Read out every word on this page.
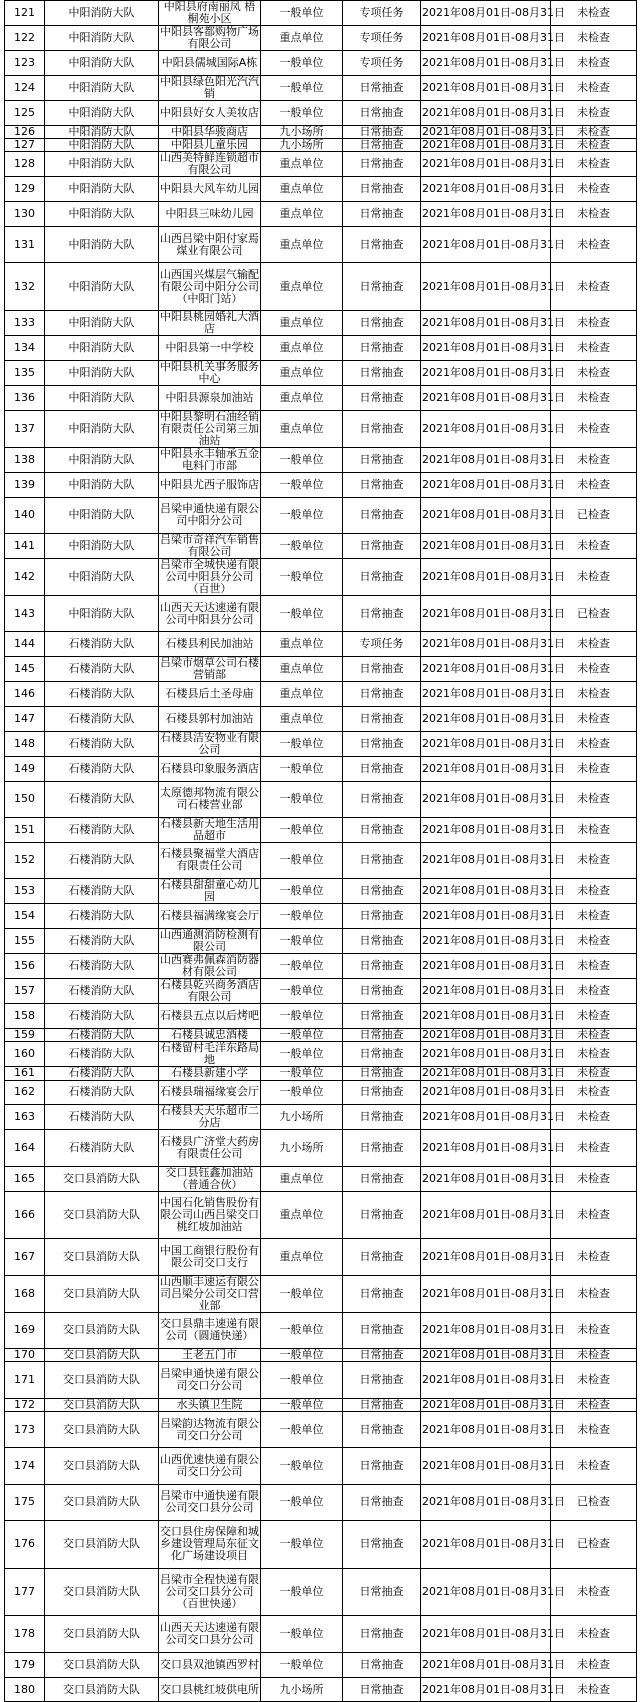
121	中阳消防大队	中阳县府南丽凤 梧桐苑小区	一般单位	专项任务	2021年08月01日-08月31日	未检查
122	中阳消防大队	中阳县客都购物广场有限公司	重点单位	专项任务	2021年08月01日-08月31日	未检查
123	中阳消防大队	中阳县儒城国际A栋	一般单位	专项任务	2021年08月01日-08月31日	未检查
124	中阳消防大队	中阳县绿色阳光汽汽销	一般单位	日常抽查	2021年08月01日-08月31日	未检查
125	中阳消防大队	中阳县好女人美妆店	一般单位	日常抽查	2021年08月01日-08月31日	未检查
126	中阳消防大队	中阳县华骏商店	九小场所	日常抽查	2021年08月01日-08月31日	未检查
127	中阳消防大队	中阳县儿童乐园	九小场所	日常抽查	2021年08月01日-08月31日	未检查
128	中阳消防大队	山西美特鲜连锁超市有限公司	重点单位	日常抽查	2021年08月01日-08月31日	未检查
129	中阳消防大队	中阳县大风车幼儿园	重点单位	日常抽查	2021年08月01日-08月31日	未检查
130	中阳消防大队	中阳县三味幼儿园	重点单位	日常抽查	2021年08月01日-08月31日	未检查
131	中阳消防大队	山西吕梁中阳付家焉煤业有限公司	重点单位	日常抽查	2021年08月01日-08月31日	未检查
132	中阳消防大队	山西国兴煤层气输配有限公司中阳分公司（中阳门站）	重点单位	日常抽查	2021年08月01日-08月31日	未检查
133	中阳消防大队	中阳县桃园婚礼大酒店	重点单位	日常抽查	2021年08月01日-08月31日	未检查
134	中阳消防大队	中阳县第一中学校	重点单位	日常抽查	2021年08月01日-08月31日	未检查
135	中阳消防大队	中阳县机关事务服务中心	重点单位	日常抽查	2021年08月01日-08月31日	未检查
136	中阳消防大队	中阳县源泉加油站	重点单位	日常抽查	2021年08月01日-08月31日	未检查
137	中阳消防大队	中阳县黎明石油经销有限责任公司第三加油站	重点单位	日常抽查	2021年08月01日-08月31日	未检查
138	中阳消防大队	中阳县永丰轴承五金电料门市部	一般单位	日常抽查	2021年08月01日-08月31日	未检查
139	中阳消防大队	中阳县尤西子服饰店	一般单位	日常抽查	2021年08月01日-08月31日	未检查
140	中阳消防大队	吕梁申通快递有限公司中阳分公司	一般单位	日常抽查	2021年08月01日-08月31日	已检查
141	中阳消防大队	吕梁市奇祥汽车销售有限公司	一般单位	日常抽查	2021年08月01日-08月31日	未检查
142	中阳消防大队	吕梁市全城快递有限公司中阳县分公司（百世）	一般单位	日常抽查	2021年08月01日-08月31日	未检查
143	中阳消防大队	山西天天达速递有限公司中阳县分公司	一般单位	日常抽查	2021年08月01日-08月31日	已检查
144	石楼消防大队	石楼县利民加油站	重点单位	专项任务	2021年08月01日-08月31日	未检查
145	石楼消防大队	吕梁市烟草公司石楼营销部	重点单位	日常抽查	2021年08月01日-08月31日	未检查
146	石楼消防大队	石楼县后土圣母庙	重点单位	日常抽查	2021年08月01日-08月31日	未检查
147	石楼消防大队	石楼县郭村加油站	重点单位	日常抽查	2021年08月01日-08月31日	未检查
148	石楼消防大队	石楼县洁安物业有限公司	一般单位	日常抽查	2021年08月01日-08月31日	未检查
149	石楼消防大队	石楼县印象服务酒店	一般单位	日常抽查	2021年08月01日-08月31日	未检查
150	石楼消防大队	太原德邦物流有限公司石楼营业部	一般单位	日常抽查	2021年08月01日-08月31日	未检查
151	石楼消防大队	石楼县新天地生活用品超市	一般单位	日常抽查	2021年08月01日-08月31日	未检查
152	石楼消防大队	石楼县聚福堂大酒店有限责任公司	一般单位	日常抽查	2021年08月01日-08月31日	未检查
153	石楼消防大队	石楼县甜甜童心幼儿园	一般单位	日常抽查	2021年08月01日-08月31日	未检查
154	石楼消防大队	石楼县福满缘宴会厅	一般单位	日常抽查	2021年08月01日-08月31日	未检查
155	石楼消防大队	山西通测消防检测有限公司	一般单位	日常抽查	2021年08月01日-08月31日	未检查
156	石楼消防大队	山西赛弗佩森消防器材有限公司	一般单位	日常抽查	2021年08月01日-08月31日	未检查
157	石楼消防大队	石楼县乾兴商务酒店有限公司	一般单位	日常抽查	2021年08月01日-08月31日	未检查
158	石楼消防大队	石楼县五点以后烤吧	一般单位	日常抽查	2021年08月01日-08月31日	未检查
159	石楼消防大队	石楼县诚忠酒楼	一般单位	日常抽查	2021年08月01日-08月31日	未检查
160	石楼消防大队	石楼留村毛洋东路局地	一般单位	日常抽查	2021年08月01日-08月31日	未检查
161	石楼消防大队	石楼县新建小学	一般单位	日常抽查	2021年08月01日-08月31日	未检查
162	石楼消防大队	石楼县瑞福缘宴会厅	一般单位	日常抽查	2021年08月01日-08月31日	未检查
163	石楼消防大队	石楼县天天乐超市二分店	九小场所	日常抽查	2021年08月01日-08月31日	未检查
164	石楼消防大队	石楼县广济堂大药房有限责任公司	九小场所	日常抽查	2021年08月01日-08月31日	未检查
165	交口县消防大队	交口县钰鑫加油站（普通合伙）	重点单位	日常抽查	2021年08月01日-08月31日	未检查
166	交口县消防大队	中国石化销售股份有限公司山西吕梁交口桃红坡加油站	重点单位	日常抽查	2021年08月01日-08月31日	未检查
167	交口县消防大队	中国工商银行股份有限公司交口支行	重点单位	日常抽查	2021年08月01日-08月31日	未检查
168	交口县消防大队	山西顺丰速运有限公司吕梁分公司交口营业部	一般单位	日常抽查	2021年08月01日-08月31日	未检查
169	交口县消防大队	交口县鼎丰速递有限公司（圆通快递）	一般单位	日常抽查	2021年08月01日-08月31日	未检查
170	交口县消防大队	王老五门市	一般单位	日常抽查	2021年08月01日-08月31日	未检查
171	交口县消防大队	吕梁申通快递有限公司交口分公司	一般单位	日常抽查	2021年08月01日-08月31日	未检查
172	交口县消防大队	水头镇卫生院	一般单位	日常抽查	2021年08月01日-08月31日	未检查
173	交口县消防大队	吕梁韵达物流有限公司交口分公司	一般单位	日常抽查	2021年08月01日-08月31日	未检查
174	交口县消防大队	山西优速快递有限公司交口分公司	一般单位	日常抽查	2021年08月01日-08月31日	未检查
175	交口县消防大队	吕梁市中通快递有限公司交口县分公司	一般单位	日常抽查	2021年08月01日-08月31日	已检查
176	交口县消防大队	交口县住房保障和城乡建设管理局东征文化广场建设项目	一般单位	日常抽查	2021年08月01日-08月31日	已检查
177	交口县消防大队	吕梁市全程快递有限公司交口县分公司（百世快递）	一般单位	日常抽查	2021年08月01日-08月31日	未检查
178	交口县消防大队	山西天天达速递有限公司交口县分公司	一般单位	日常抽查	2021年08月01日-08月31日	未检查
179	交口县消防大队	交口县双池镇西罗村	一般单位	日常抽查	2021年08月01日-08月31日	未检查
180	交口县消防大队	交口县桃红坡供电所	九小场所	日常抽查	2021年08月01日-08月31日	未检查
